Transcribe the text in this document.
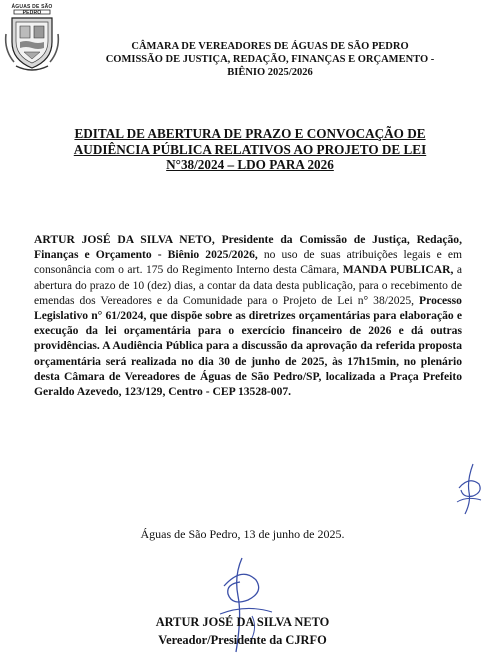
ÁGUAS DE SÃO PEDRO
CÂMARA DE VEREADORES DE ÁGUAS DE SÃO PEDRO
COMISSÃO DE JUSTIÇA, REDAÇÃO, FINANÇAS E ORÇAMENTO -
BIÊNIO 2025/2026
EDITAL DE ABERTURA DE PRAZO E CONVOCAÇÃO DE
AUDIÊNCIA PÚBLICA RELATIVOS AO PROJETO DE LEI
N°38/2024 – LDO PARA 2026
ARTUR JOSÉ DA SILVA NETO, Presidente da Comissão de Justiça, Redação, Finanças e Orçamento - Biênio 2025/2026, no uso de suas atribuições legais e em consonância com o art. 175 do Regimento Interno desta Câmara, MANDA PUBLICAR, a abertura do prazo de 10 (dez) dias, a contar da data desta publicação, para o recebimento de emendas dos Vereadores e da Comunidade para o Projeto de Lei n° 38/2025, Processo Legislativo n° 61/2024, que dispõe sobre as diretrizes orçamentárias para elaboração e execução da lei orçamentária para o exercício financeiro de 2026 e dá outras providências. A Audiência Pública para a discussão da aprovação da referida proposta orçamentária será realizada no dia 30 de junho de 2025, às 17h15min, no plenário desta Câmara de Vereadores de Águas de São Pedro/SP, localizada a Praça Prefeito Geraldo Azevedo, 123/129, Centro - CEP 13528-007.
Águas de São Pedro, 13 de junho de 2025.
ARTUR JOSÉ DA SILVA NETO
Vereador/Presidente da CJRFO
